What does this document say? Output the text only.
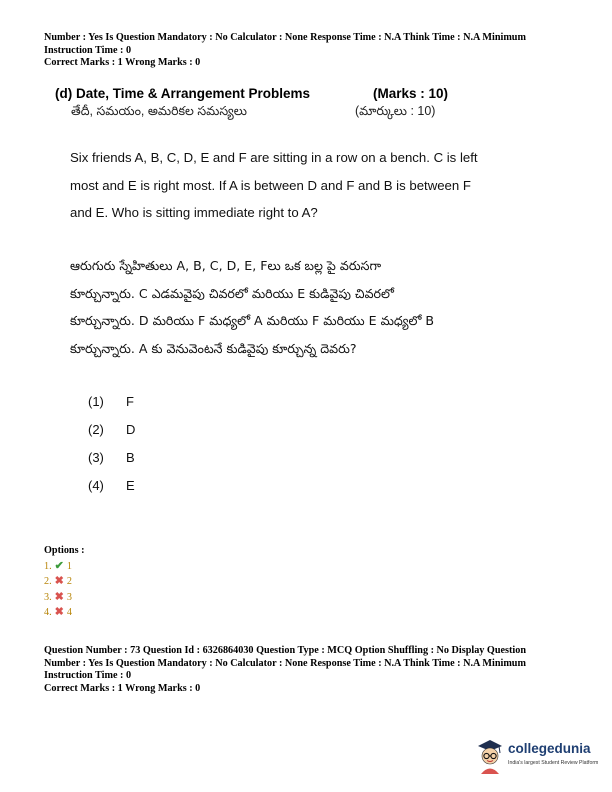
Number : Yes Is Question Mandatory : No Calculator : None Response Time : N.A Think Time : N.A Minimum
Instruction Time : 0
Correct Marks : 1 Wrong Marks : 0
(d) Date, Time & Arrangement Problems	(Marks : 10)
తేదీ, సమయం, అమరికల సమస్యలు	(మార్కులు : 10)
Six friends A, B, C, D, E and F are sitting in a row on a bench. C is left
most and E is right most. If A is between D and F and B is between F
and E. Who is sitting immediate right to A?
ఆరుగురు స్నేహితులు A, B, C, D, E, Fలు ఒక బల్ల పై వరుసగా
కూర్చున్నారు. C ఎడమవైపు చివరలో మరియు E కుడివైపు చివరలో
కూర్చున్నారు. D మరియు F మధ్యలో A మరియు F మరియు E మధ్యలో B
కూర్చున్నారు. A కు వెనువెంటనే కుడివైపు కూర్చున్న దెవరు?
(1)	F
(2)	D
(3)	B
(4)	E
Options :
1. ✔ 1
2. ✖ 2
3. ✖ 3
4. ✖ 4
Question Number : 73 Question Id : 6326864030 Question Type : MCQ Option Shuffling : No Display Question
Number : Yes Is Question Mandatory : No Calculator : None Response Time : N.A Think Time : N.A Minimum
Instruction Time : 0
Correct Marks : 1 Wrong Marks : 0
collegedunia
India's largest Student Review Platform
